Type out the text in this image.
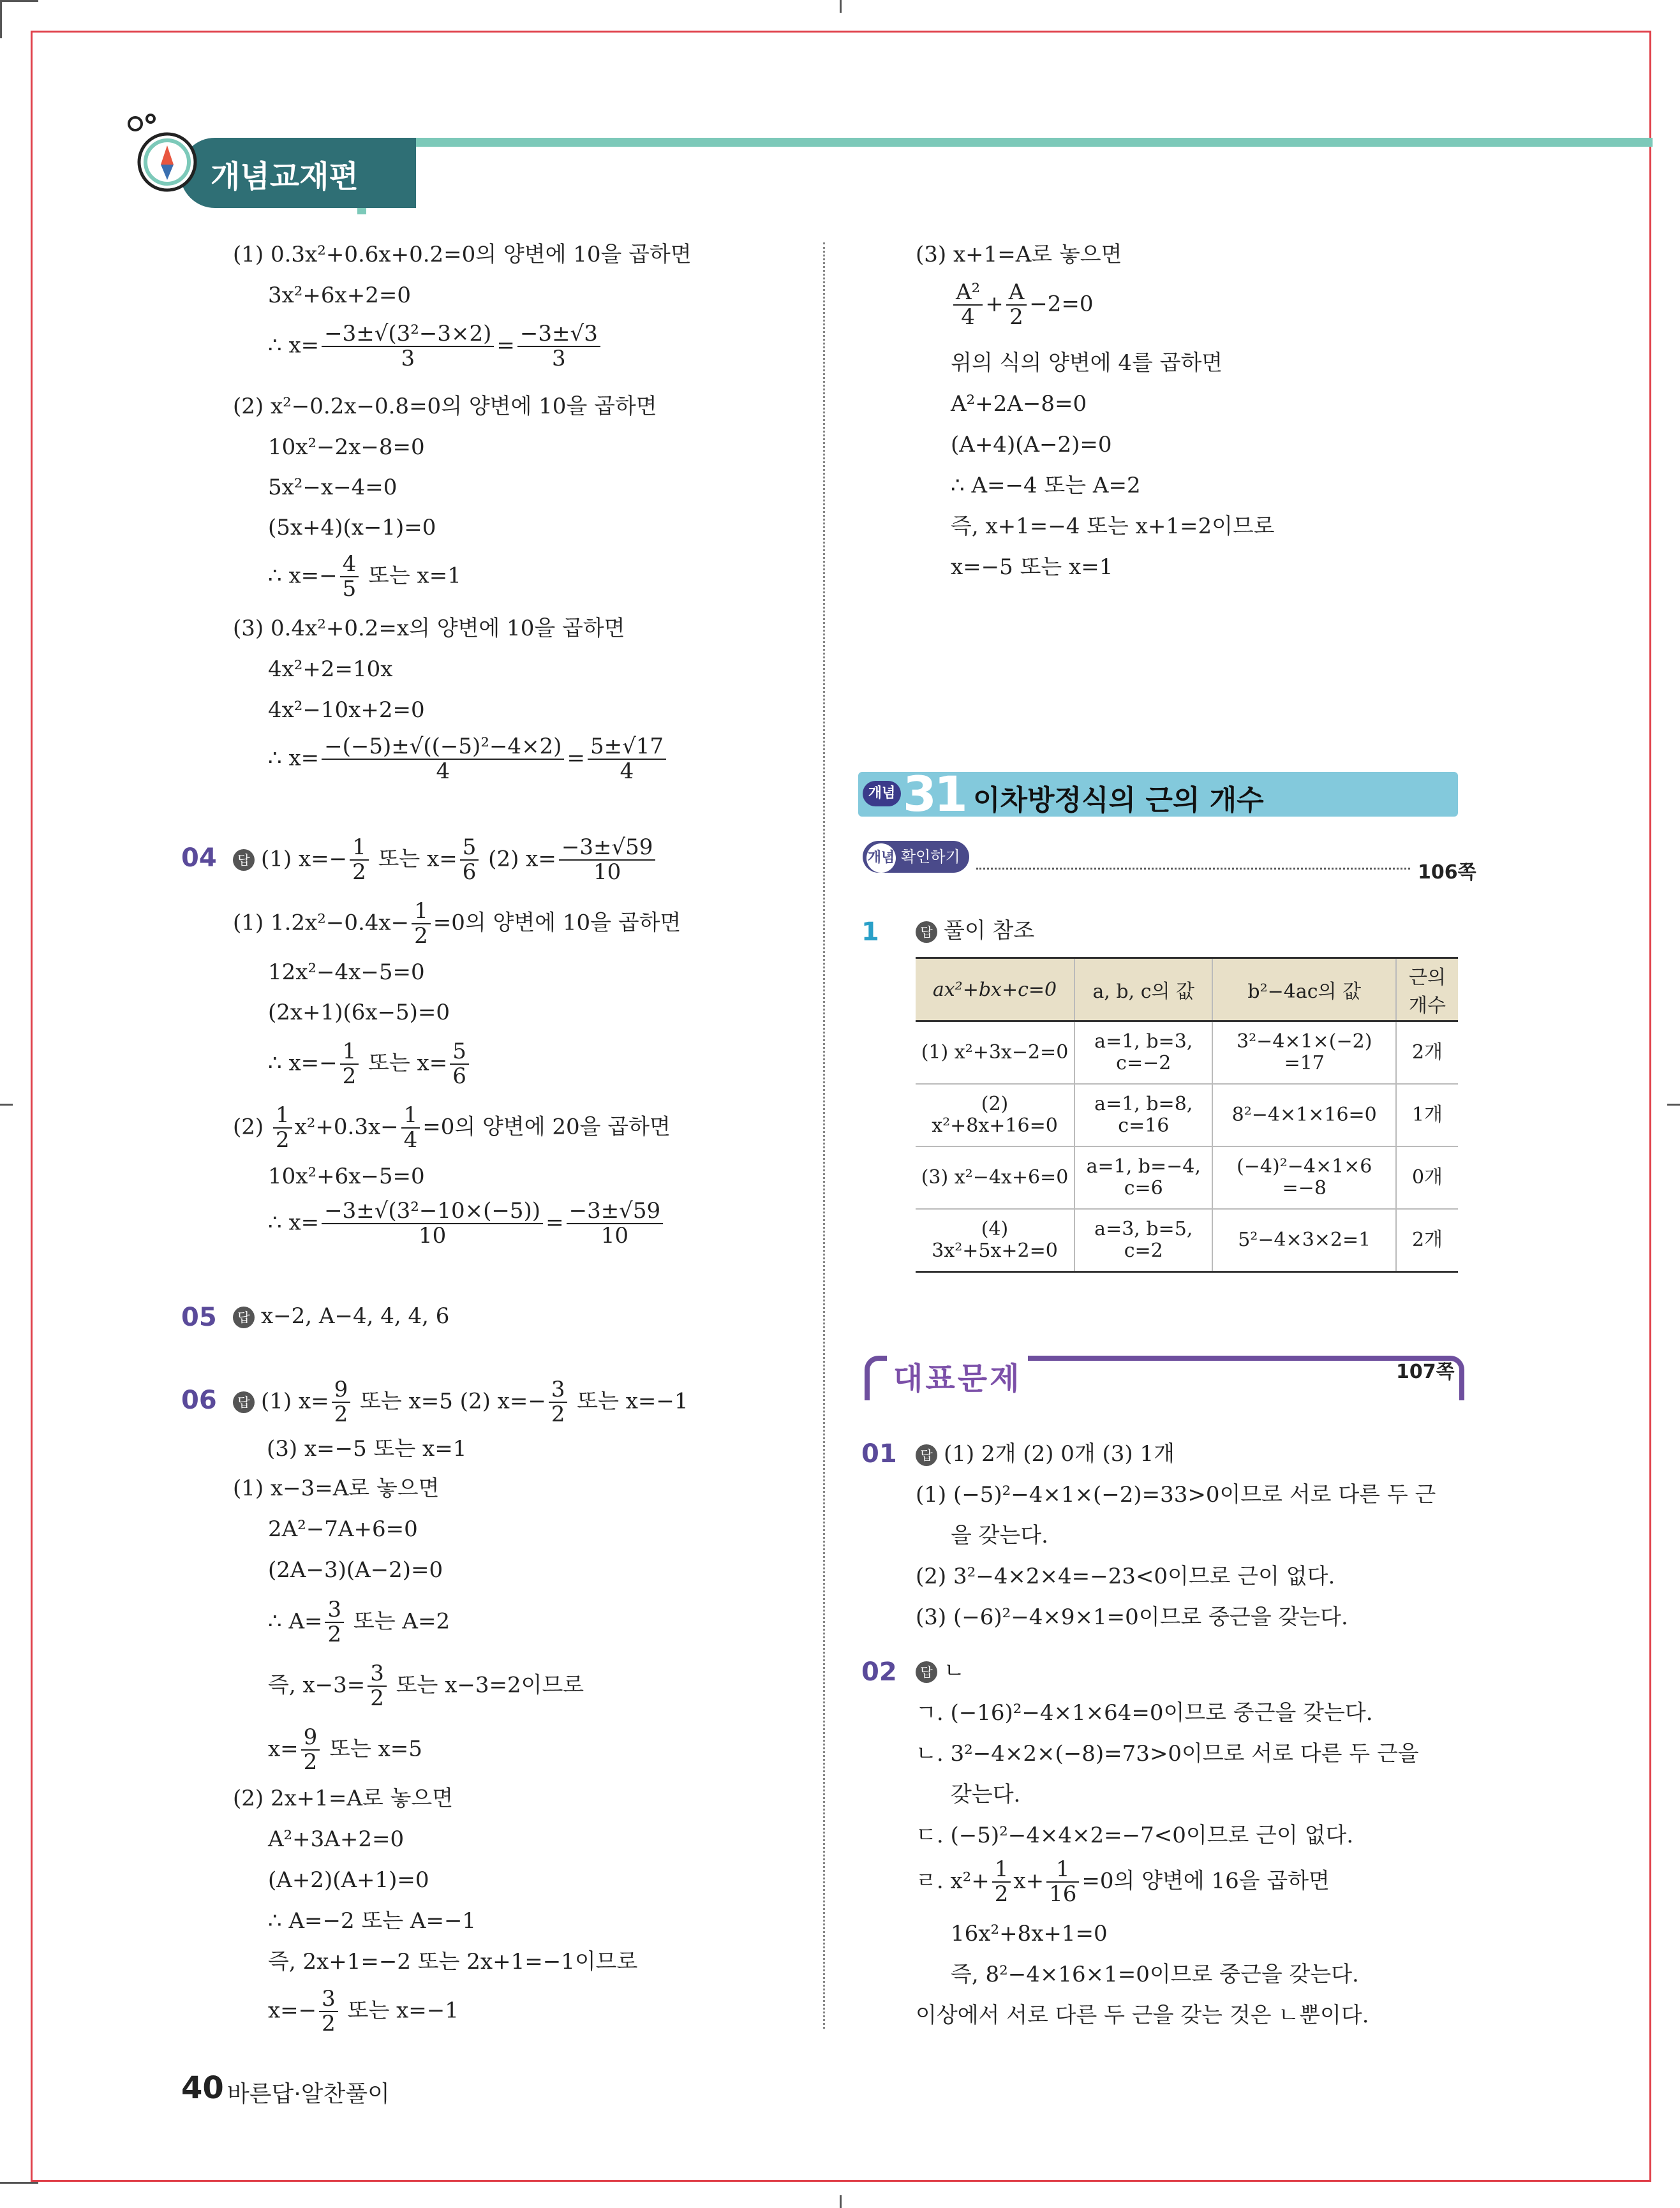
개념교재편
(1) 0.3x²+0.6x+0.2=0의 양변에 10을 곱하면
3x²+6x+2=0
∴ $x= \frac{\text{−3±√(3²−3×2)}}{3} = \frac{-3\pm√3}{3}$
(2) x²−0.2x−0.8=0의 양변에 10을 곱하면
10x²−2x−8=0
5x²−x−4=0
(5x+4)(x−1)=0
∴ $x=- \frac{4}{5}$ 또는 x=1
(3) 0.4x²+0.2=x의 양변에 10을 곱하면
4x²+2=10x
4x²−10x+2=0
∴ $x= \frac{\text{−(−5)±√((−5)²−4×2)}}{4} = \frac{5\pm√17}{4}$
04	답 (1) $x=- \frac{1}{2}$ 또는 $x= \frac{5}{6} (2)$ $x= \frac{-3\pm√59}{10}$
(1) $1.2x^2-0.4x- \frac{1}{2} =0$의 양변에 10을 곱하면
12x²−4x−5=0
(2x+1)(6x−5)=0
∴ $x=- \frac{1}{2}$ 또는 $x= \frac{5}{6}$
$(2) \frac{1}{2} x^2+0.3x- \frac{1}{4} =0$의 양변에 20을 곱하면
10x²+6x−5=0
∴ $x= \frac{\text{−3±√(3²−10×(−5))}}{10} = \frac{-3\pm√59}{10}$
05	답 x−2, A−4, 4, 4, 6
06	답 (1) $x= \frac{9}{2}$ 또는 x=5 (2) $x=- \frac{3}{2}$ 또는 x=−1
(3) x=−5 또는 x=1
(1) x−3=A로 놓으면
2A²−7A+6=0
(2A−3)(A−2)=0
∴ $A= \frac{3}{2}$ 또는 A=2
즉, $x-3= \frac{3}{2}$ 또는 x−3=2이므로
$x= \frac{9}{2}$ 또는 x=5
(2) 2x+1=A로 놓으면
A²+3A+2=0
(A+2)(A+1)=0
∴ A=−2 또는 A=−1
즉, 2x+1=−2 또는 2x+1=−1이므로
$x=- \frac{3}{2}$ 또는 x=−1
(3) x+1=A로 놓으면
$\frac{\text{A²}}{4} + \frac{A}{2} -2=0$
위의 식의 양변에 4를 곱하면
A²+2A−8=0
(A+4)(A−2)=0
∴ A=−4 또는 A=2
즉, x+1=−4 또는 x+1=2이므로
x=−5 또는 x=1
개념 31 이차방정식의 근의 개수
개념 확인하기
106쪽
1	답 풀이 참조
ax²+bx+c=0	a, b, c의 값	b²−4ac의 값	근의 개수
(1) x²+3x−2=0	a=1, b=3, c=−2	3²−4×1×(−2) =17	2개
(2) x²+8x+16=0	a=1, b=8, c=16	8²−4×1×16=0	1개
(3) x²−4x+6=0	a=1, b=−4, c=6	(−4)²−4×1×6 =−8	0개
(4) 3x²+5x+2=0	a=3, b=5, c=2	5²−4×3×2=1	2개
대표문제	107쪽
01	답 (1) 2개 (2) 0개 (3) 1개
(1) (−5)²−4×1×(−2)=33>0이므로 서로 다른 두 근
을 갖는다.
(2) 3²−4×2×4=−23<0이므로 근이 없다.
(3) (−6)²−4×9×1=0이므로 중근을 갖는다.
02	답 ㄴ
ㄱ. (−16)²−4×1×64=0이므로 중근을 갖는다.
ㄴ. 3²−4×2×(−8)=73>0이므로 서로 다른 두 근을
갖는다.
ㄷ. (−5)²−4×4×2=−7<0이므로 근이 없다.
ㄹ. $x^2+ \frac{1}{2} x+ \frac{1}{16} =0$의 양변에 16을 곱하면
16x²+8x+1=0
즉, 8²−4×16×1=0이므로 중근을 갖는다.
이상에서 서로 다른 두 근을 갖는 것은 ㄴ뿐이다.
40 바른답·알찬풀이
